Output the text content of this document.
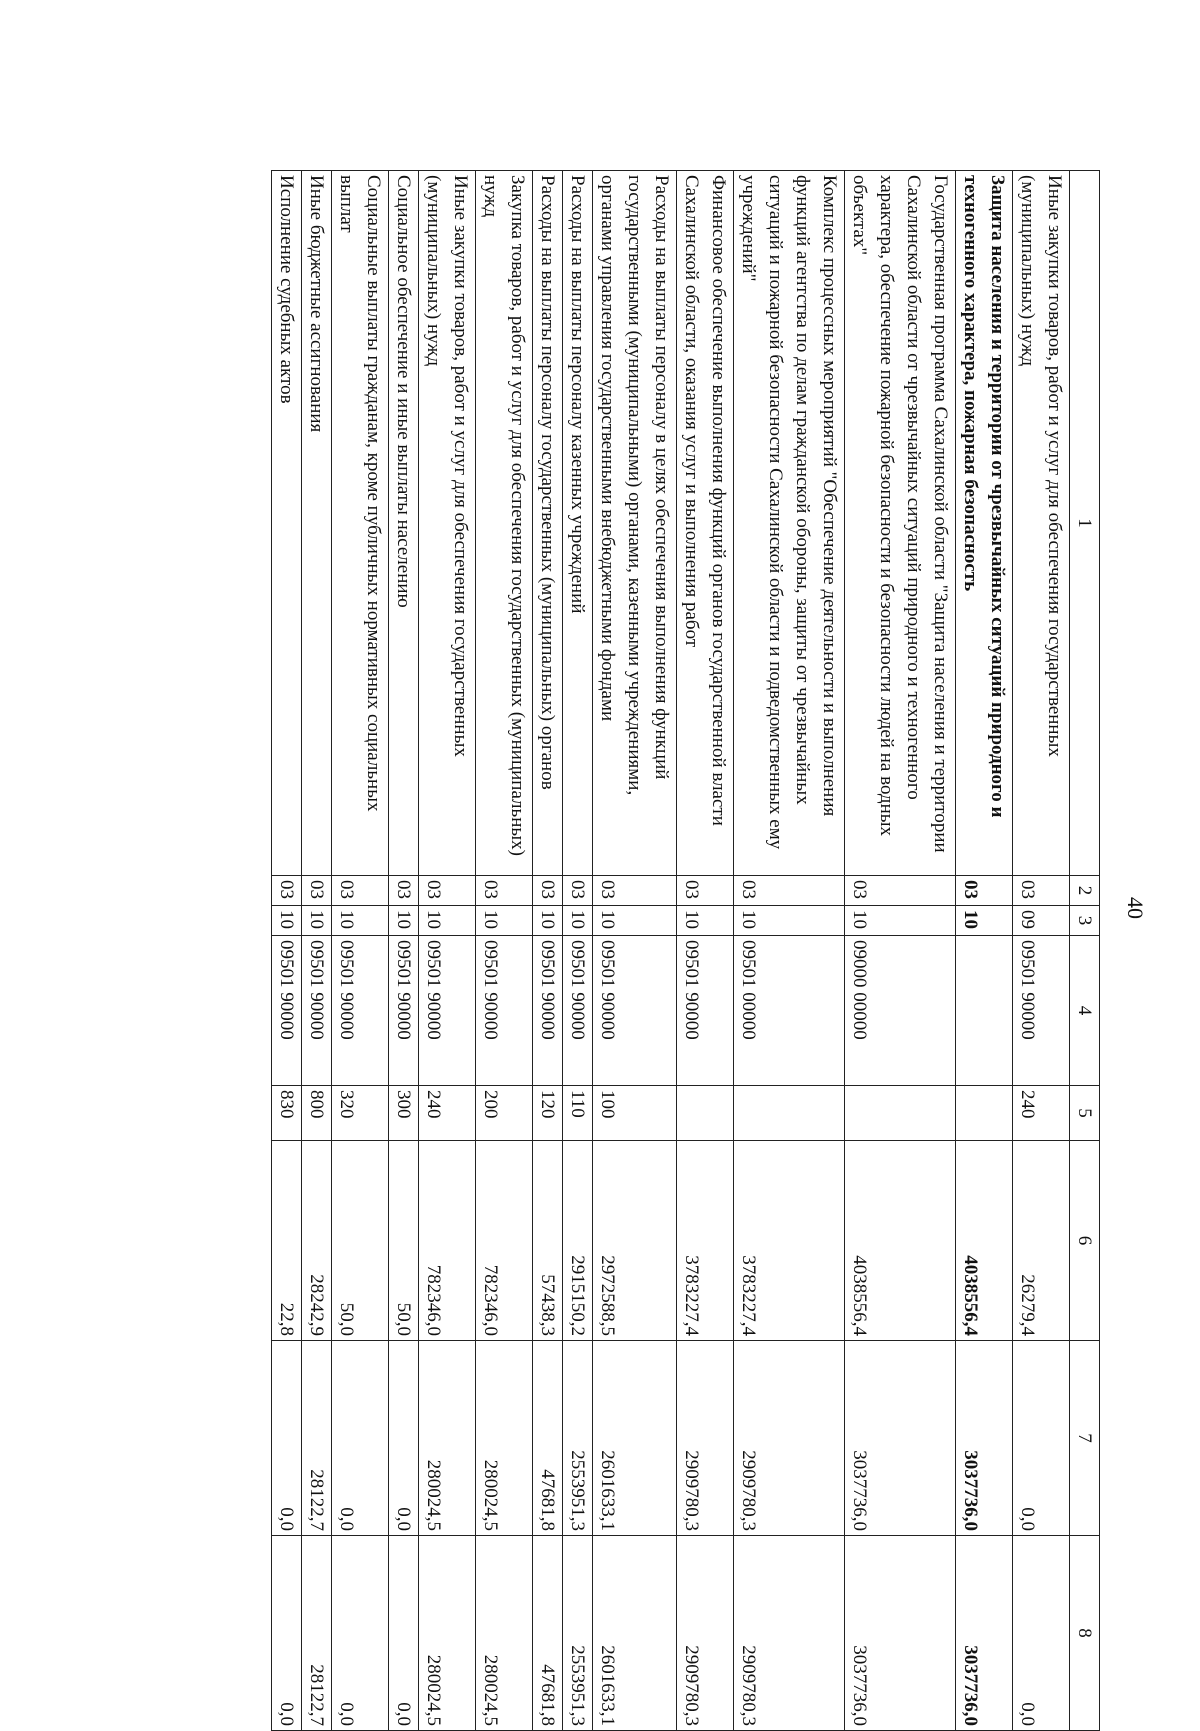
40
1	2	3	4	5	6	7	8
Иные закупки товаров, работ и услуг для обеспечения государственных (муниципальных) нужд	03	09	09501 90000	240	26279,4	0,0	0,0
Защита населения и территории от чрезвычайных ситуаций природного и техногенного характера, пожарная безопасность	03	10			4038556,4	3037736,0	3037736,0
Государственная программа Сахалинской области "Защита населения и территории Сахалинской области от чрезвычайных ситуаций природного и техногенного характера, обеспечение пожарной безопасности и безопасности людей на водных объектах"	03	10	09000 00000		4038556,4	3037736,0	3037736,0
Комплекс процессных мероприятий "Обеспечение деятельности и выполнения функций агентства по делам гражданской обороны, защиты от чрезвычайных ситуаций и пожарной безопасности Сахалинской области и подведомственных ему учреждений"	03	10	09501 00000		3783227,4	2909780,3	2909780,3
Финансовое обеспечение выполнения функций органов государственной власти Сахалинской области, оказания услуг и выполнения работ	03	10	09501 90000		3783227,4	2909780,3	2909780,3
Расходы на выплаты персоналу в целях обеспечения выполнения функций государственными (муниципальными) органами, казенными учреждениями, органами управления государственными внебюджетными фондами	03	10	09501 90000	100	2972588,5	2601633,1	2601633,1
Расходы на выплаты персоналу казенных учреждений	03	10	09501 90000	110	2915150,2	2553951,3	2553951,3
Расходы на выплаты персоналу государственных (муниципальных) органов	03	10	09501 90000	120	57438,3	47681,8	47681,8
Закупка товаров, работ и услуг для обеспечения государственных (муниципальных) нужд	03	10	09501 90000	200	782346,0	280024,5	280024,5
Иные закупки товаров, работ и услуг для обеспечения государственных (муниципальных) нужд	03	10	09501 90000	240	782346,0	280024,5	280024,5
Социальное обеспечение и иные выплаты населению	03	10	09501 90000	300	50,0	0,0	0,0
Социальные выплаты гражданам, кроме публичных нормативных социальных выплат	03	10	09501 90000	320	50,0	0,0	0,0
Иные бюджетные ассигнования	03	10	09501 90000	800	28242,9	28122,7	28122,7
Исполнение судебных актов	03	10	09501 90000	830	22,8	0,0	0,0
